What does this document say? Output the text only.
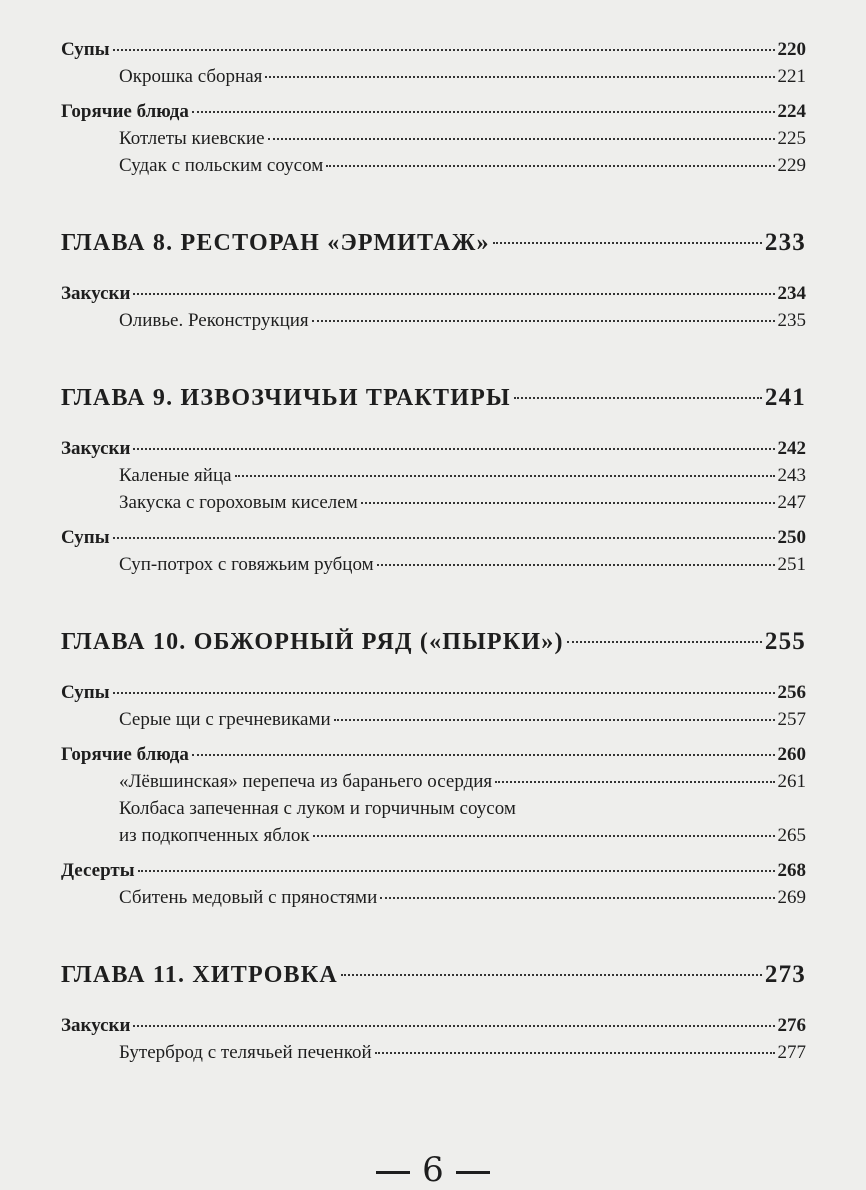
Супы	220
Окрошка сборная	221
Горячие блюда	224
Котлеты киевские	225
Судак с польским соусом	229
ГЛАВА 8. РЕСТОРАН «ЭРМИТАЖ»	233
Закуски	234
Оливье. Реконструкция	235
ГЛАВА 9. ИЗВОЗЧИЧЬИ ТРАКТИРЫ	241
Закуски	242
Каленые яйца	243
Закуска с гороховым киселем	247
Супы	250
Суп-потрох с говяжьим рубцом	251
ГЛАВА 10. ОБЖОРНЫЙ РЯД («ПЫРКИ»)	255
Супы	256
Серые щи с гречневиками	257
Горячие блюда	260
«Лёвшинская» перепеча из бараньего осердия	261
Колбаса запеченная с луком и горчичным соусом
из подкопченных яблок	265
Десерты	268
Сбитень медовый с пряностями	269
ГЛАВА 11. ХИТРОВКА	273
Закуски	276
Бутерброд с телячьей печенкой	277
6
